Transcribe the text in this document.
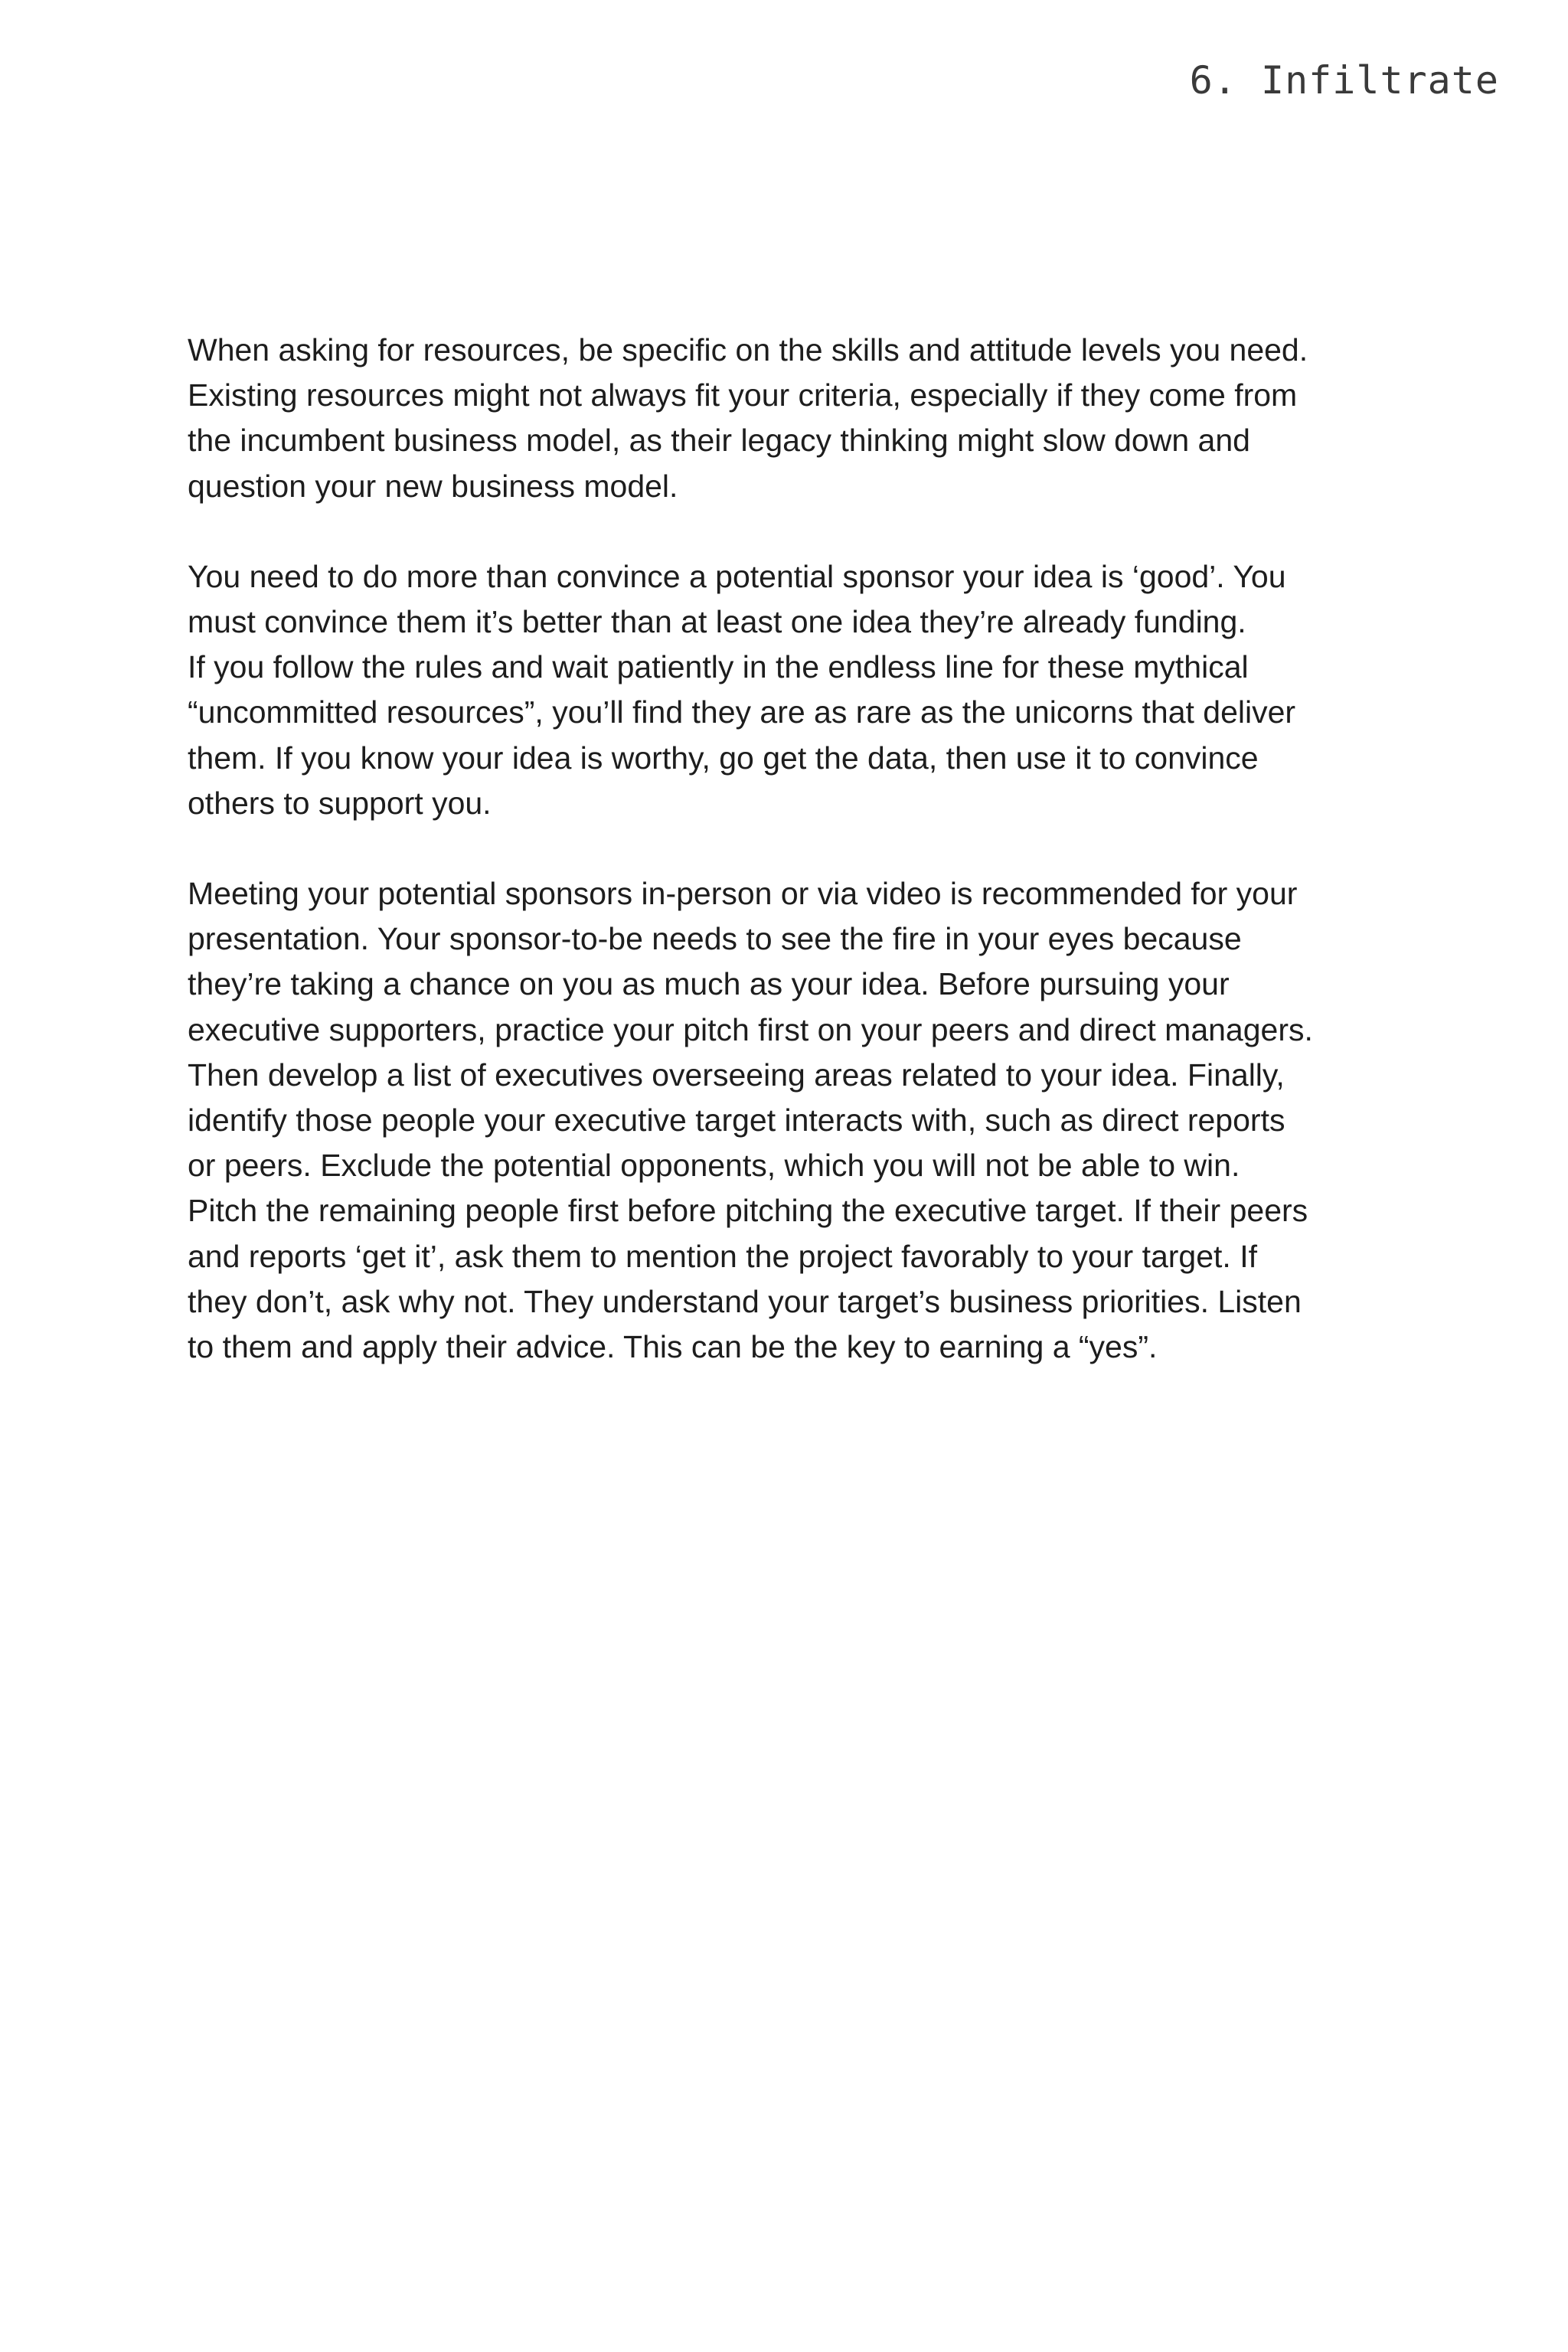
6. Infiltrate

When asking for resources, be specific on the skills and attitude levels you need.
Existing resources might not always fit your criteria, especially if they come from
the incumbent business model, as their legacy thinking might slow down and
question your new business model.

You need to do more than convince a potential sponsor your idea is ‘good’. You
must convince them it’s better than at least one idea they’re already funding.
If you follow the rules and wait patiently in the endless line for these mythical
“uncommitted resources”, you’ll find they are as rare as the unicorns that deliver
them. If you know your idea is worthy, go get the data, then use it to convince
others to support you.

Meeting your potential sponsors in-person or via video is recommended for your
presentation. Your sponsor-to-be needs to see the fire in your eyes because
they’re taking a chance on you as much as your idea. Before pursuing your
executive supporters, practice your pitch first on your peers and direct managers.
Then develop a list of executives overseeing areas related to your idea. Finally,
identify those people your executive target interacts with, such as direct reports
or peers. Exclude the potential opponents, which you will not be able to win.
Pitch the remaining people first before pitching the executive target. If their peers
and reports ‘get it’, ask them to mention the project favorably to your target. If
they don’t, ask why not. They understand your target’s business priorities. Listen
to them and apply their advice. This can be the key to earning a “yes”.
